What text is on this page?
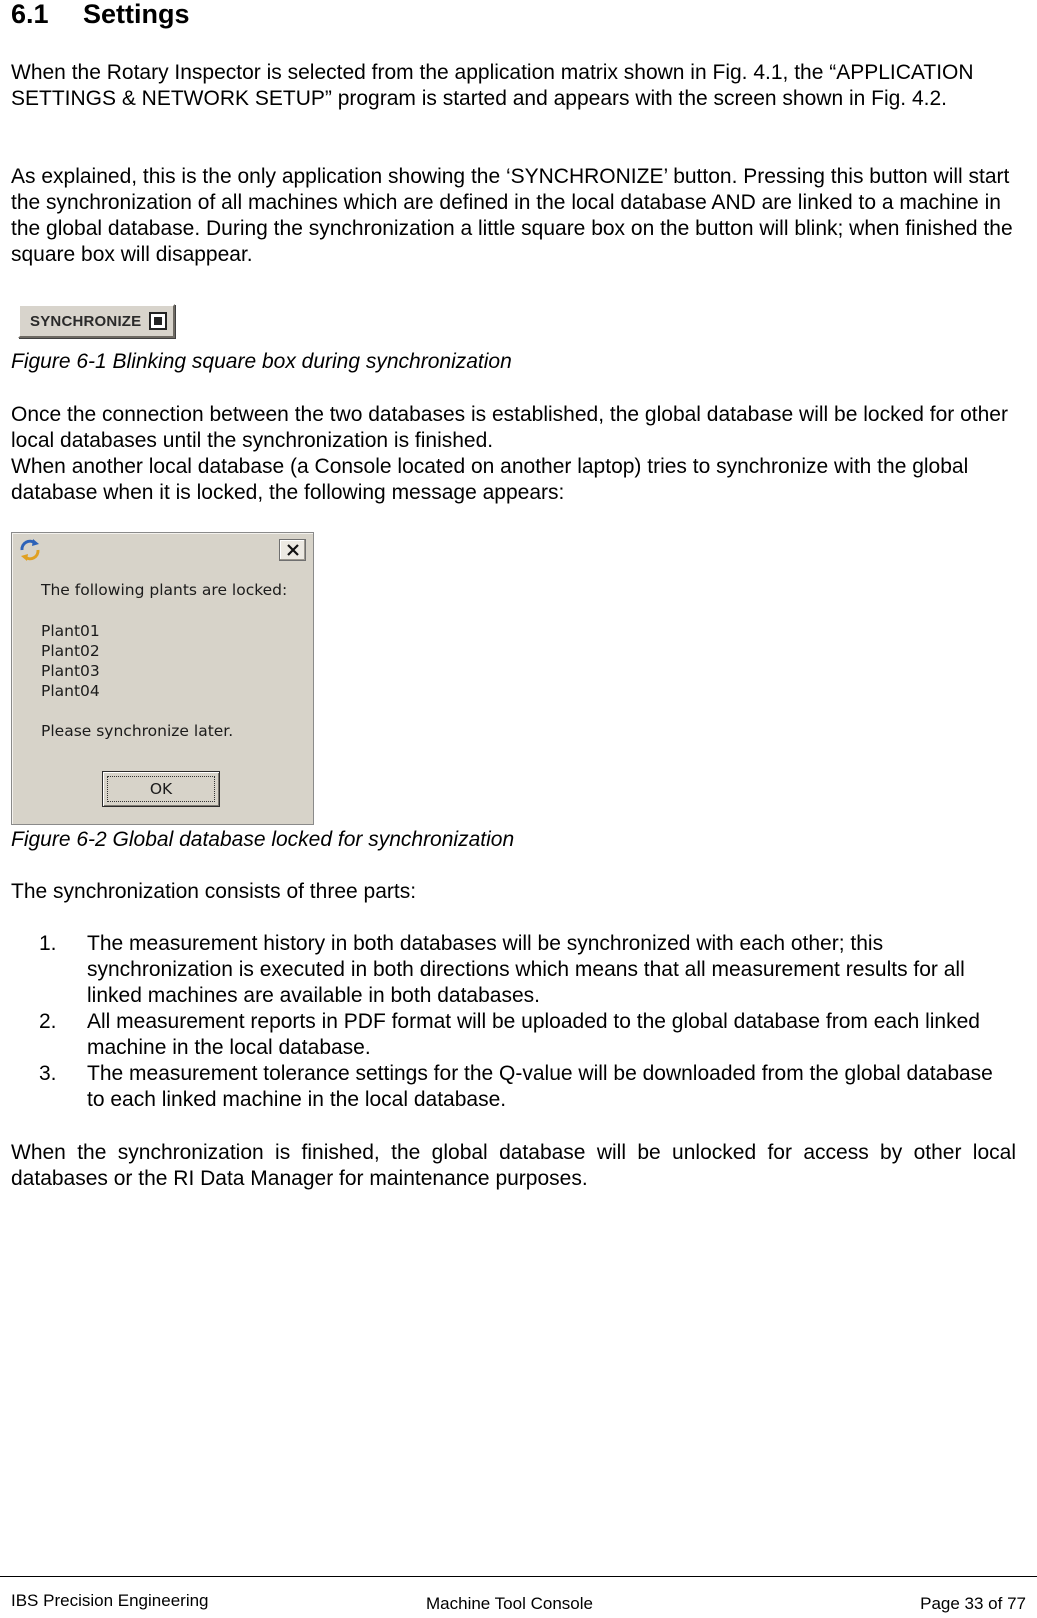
6.1	Settings

When the Rotary Inspector is selected from the application matrix shown in Fig. 4.1, the “APPLICATION SETTINGS & NETWORK SETUP” program is started and appears with the screen shown in Fig. 4.2.

As explained, this is the only application showing the ‘SYNCHRONIZE’ button. Pressing this button will start the synchronization of all machines which are defined in the local database AND are linked to a machine in the global database. During the synchronization a little square box on the button will blink; when finished the square box will disappear.

SYNCHRONIZE

Figure 6-1 Blinking square box during synchronization

Once the connection between the two databases is established, the global database will be locked for other local databases until the synchronization is finished.

When another local database (a Console located on another laptop) tries to synchronize with the global database when it is locked, the following message appears:

The following plants are locked:

Plant01

Plant02

Plant03

Plant04

Please synchronize later.

OK

Figure 6-2 Global database locked for synchronization

The synchronization consists of three parts:

1. The measurement history in both databases will be synchronized with each other; this synchronization is executed in both directions which means that all measurement results for all linked machines are available in both databases.
2. All measurement reports in PDF format will be uploaded to the global database from each linked machine in the local database.
3. The measurement tolerance settings for the Q-value will be downloaded from the global database to each linked machine in the local database.

When the synchronization is finished, the global database will be unlocked for access by other local databases or the RI Data Manager for maintenance purposes.

IBS Precision Engineering	Machine Tool Console	Page 33 of 77
